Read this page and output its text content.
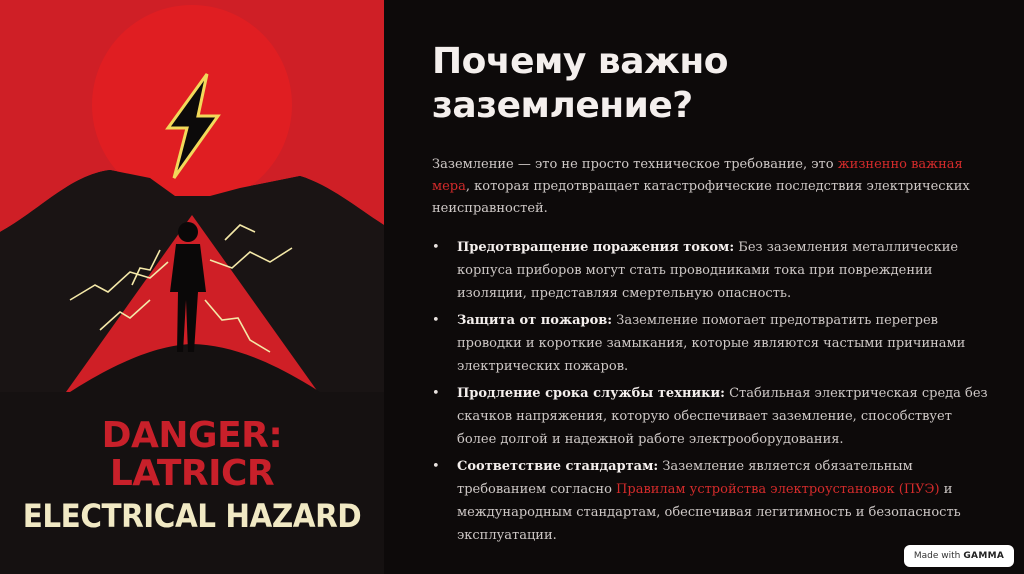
DANGER:
LATRICR
ELECTRICAL HAZARD
Почему важно
заземление?

Заземление — это не просто техническое требование, это жизненно важная мера, которая предотвращает катастрофические последствия электрических неисправностей.

• Предотвращение поражения током: Без заземления металлические корпуса приборов могут стать проводниками тока при повреждении изоляции, представляя смертельную опасность.
• Защита от пожаров: Заземление помогает предотвратить перегрев проводки и короткие замыкания, которые являются частыми причинами электрических пожаров.
• Продление срока службы техники: Стабильная электрическая среда без скачков напряжения, которую обеспечивает заземление, способствует более долгой и надежной работе электрооборудования.
• Соответствие стандартам: Заземление является обязательным требованием согласно Правилам устройства электроустановок (ПУЭ) и международным стандартам, обеспечивая легитимность и безопасность эксплуатации.
Made with GAMMA
